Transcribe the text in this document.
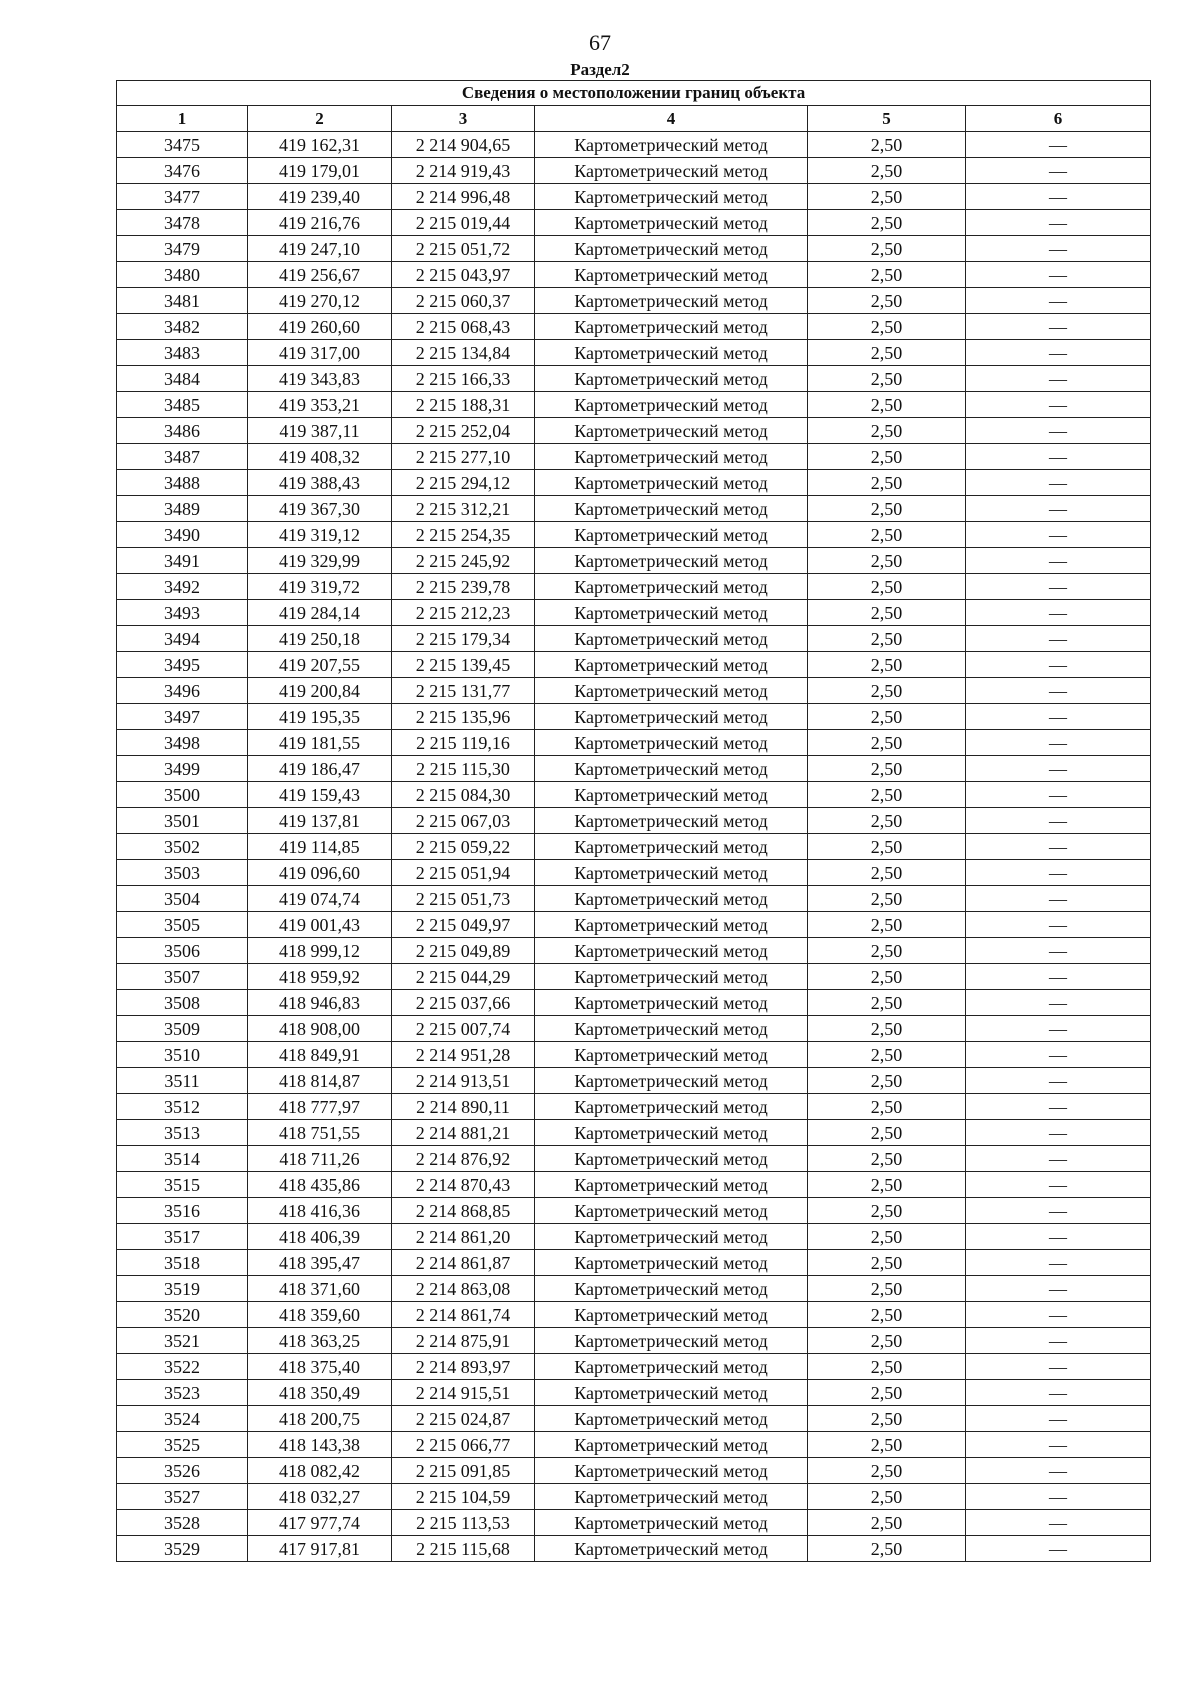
67
Раздел2
Сведения о местоположении границ объекта					
1	2	3	4	5	6
3475	419 162,31	2 214 904,65	Картометрический метод	2,50	—
3476	419 179,01	2 214 919,43	Картометрический метод	2,50	—
3477	419 239,40	2 214 996,48	Картометрический метод	2,50	—
3478	419 216,76	2 215 019,44	Картометрический метод	2,50	—
3479	419 247,10	2 215 051,72	Картометрический метод	2,50	—
3480	419 256,67	2 215 043,97	Картометрический метод	2,50	—
3481	419 270,12	2 215 060,37	Картометрический метод	2,50	—
3482	419 260,60	2 215 068,43	Картометрический метод	2,50	—
3483	419 317,00	2 215 134,84	Картометрический метод	2,50	—
3484	419 343,83	2 215 166,33	Картометрический метод	2,50	—
3485	419 353,21	2 215 188,31	Картометрический метод	2,50	—
3486	419 387,11	2 215 252,04	Картометрический метод	2,50	—
3487	419 408,32	2 215 277,10	Картометрический метод	2,50	—
3488	419 388,43	2 215 294,12	Картометрический метод	2,50	—
3489	419 367,30	2 215 312,21	Картометрический метод	2,50	—
3490	419 319,12	2 215 254,35	Картометрический метод	2,50	—
3491	419 329,99	2 215 245,92	Картометрический метод	2,50	—
3492	419 319,72	2 215 239,78	Картометрический метод	2,50	—
3493	419 284,14	2 215 212,23	Картометрический метод	2,50	—
3494	419 250,18	2 215 179,34	Картометрический метод	2,50	—
3495	419 207,55	2 215 139,45	Картометрический метод	2,50	—
3496	419 200,84	2 215 131,77	Картометрический метод	2,50	—
3497	419 195,35	2 215 135,96	Картометрический метод	2,50	—
3498	419 181,55	2 215 119,16	Картометрический метод	2,50	—
3499	419 186,47	2 215 115,30	Картометрический метод	2,50	—
3500	419 159,43	2 215 084,30	Картометрический метод	2,50	—
3501	419 137,81	2 215 067,03	Картометрический метод	2,50	—
3502	419 114,85	2 215 059,22	Картометрический метод	2,50	—
3503	419 096,60	2 215 051,94	Картометрический метод	2,50	—
3504	419 074,74	2 215 051,73	Картометрический метод	2,50	—
3505	419 001,43	2 215 049,97	Картометрический метод	2,50	—
3506	418 999,12	2 215 049,89	Картометрический метод	2,50	—
3507	418 959,92	2 215 044,29	Картометрический метод	2,50	—
3508	418 946,83	2 215 037,66	Картометрический метод	2,50	—
3509	418 908,00	2 215 007,74	Картометрический метод	2,50	—
3510	418 849,91	2 214 951,28	Картометрический метод	2,50	—
3511	418 814,87	2 214 913,51	Картометрический метод	2,50	—
3512	418 777,97	2 214 890,11	Картометрический метод	2,50	—
3513	418 751,55	2 214 881,21	Картометрический метод	2,50	—
3514	418 711,26	2 214 876,92	Картометрический метод	2,50	—
3515	418 435,86	2 214 870,43	Картометрический метод	2,50	—
3516	418 416,36	2 214 868,85	Картометрический метод	2,50	—
3517	418 406,39	2 214 861,20	Картометрический метод	2,50	—
3518	418 395,47	2 214 861,87	Картометрический метод	2,50	—
3519	418 371,60	2 214 863,08	Картометрический метод	2,50	—
3520	418 359,60	2 214 861,74	Картометрический метод	2,50	—
3521	418 363,25	2 214 875,91	Картометрический метод	2,50	—
3522	418 375,40	2 214 893,97	Картометрический метод	2,50	—
3523	418 350,49	2 214 915,51	Картометрический метод	2,50	—
3524	418 200,75	2 215 024,87	Картометрический метод	2,50	—
3525	418 143,38	2 215 066,77	Картометрический метод	2,50	—
3526	418 082,42	2 215 091,85	Картометрический метод	2,50	—
3527	418 032,27	2 215 104,59	Картометрический метод	2,50	—
3528	417 977,74	2 215 113,53	Картометрический метод	2,50	—
3529	417 917,81	2 215 115,68	Картометрический метод	2,50	—
